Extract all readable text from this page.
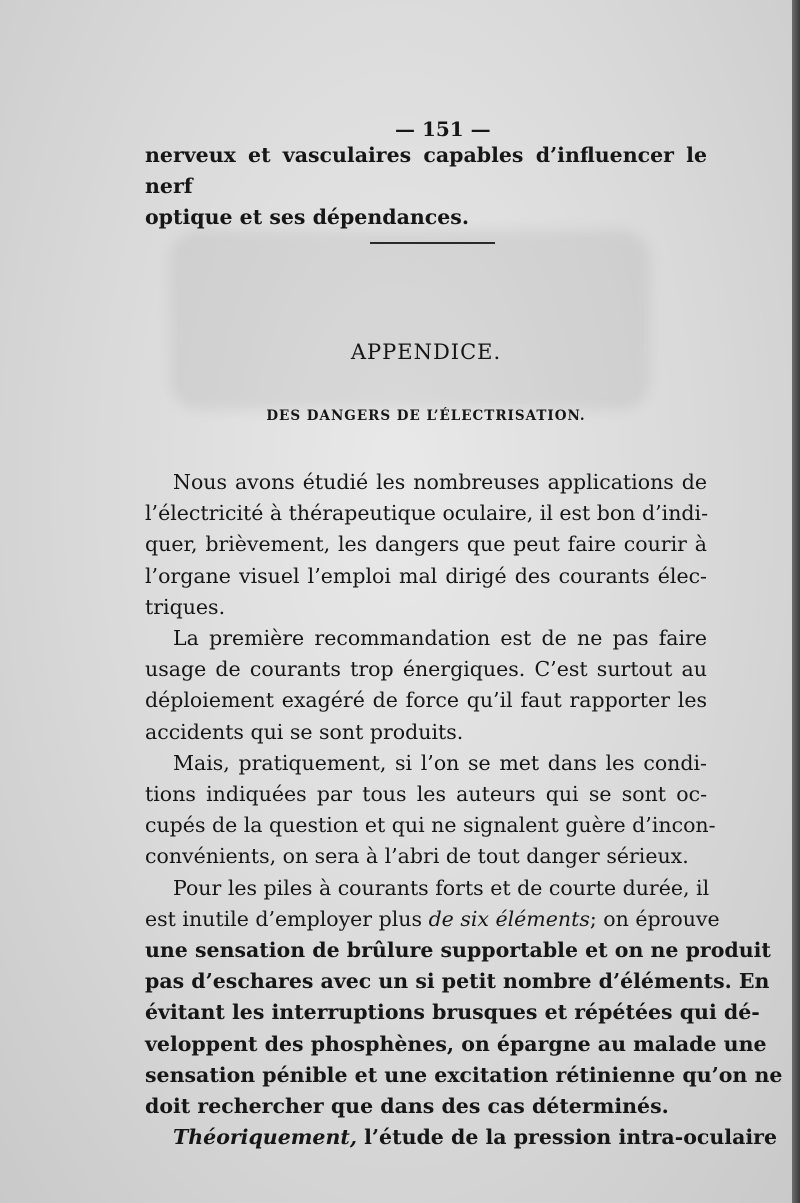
— 151 —
nerveux et vasculaires capables d’influencer le nerf
optique et ses dépendances.
APPENDICE.
DES DANGERS DE L’ÉLECTRISATION.
Nous avons étudié les nombreuses applications de
l’électricité à thérapeutique oculaire, il est bon d’indi-
quer, brièvement, les dangers que peut faire courir à
l’organe visuel l’emploi mal dirigé des courants élec-
triques.
La première recommandation est de ne pas faire
usage de courants trop énergiques. C’est surtout au
déploiement exagéré de force qu’il faut rapporter les
accidents qui se sont produits.
Mais, pratiquement, si l’on se met dans les condi-
tions indiquées par tous les auteurs qui se sont oc-
cupés de la question et qui ne signalent guère d’incon-
convénients, on sera à l’abri de tout danger sérieux.
Pour les piles à courants forts et de courte durée, il
est inutile d’employer plus de six éléments; on éprouve
une sensation de brûlure supportable et on ne produit
pas d’eschares avec un si petit nombre d’éléments. En
évitant les interruptions brusques et répétées qui dé-
veloppent des phosphènes, on épargne au malade une
sensation pénible et une excitation rétinienne qu’on ne
doit rechercher que dans des cas déterminés.
Théoriquement, l’étude de la pression intra-oculaire
